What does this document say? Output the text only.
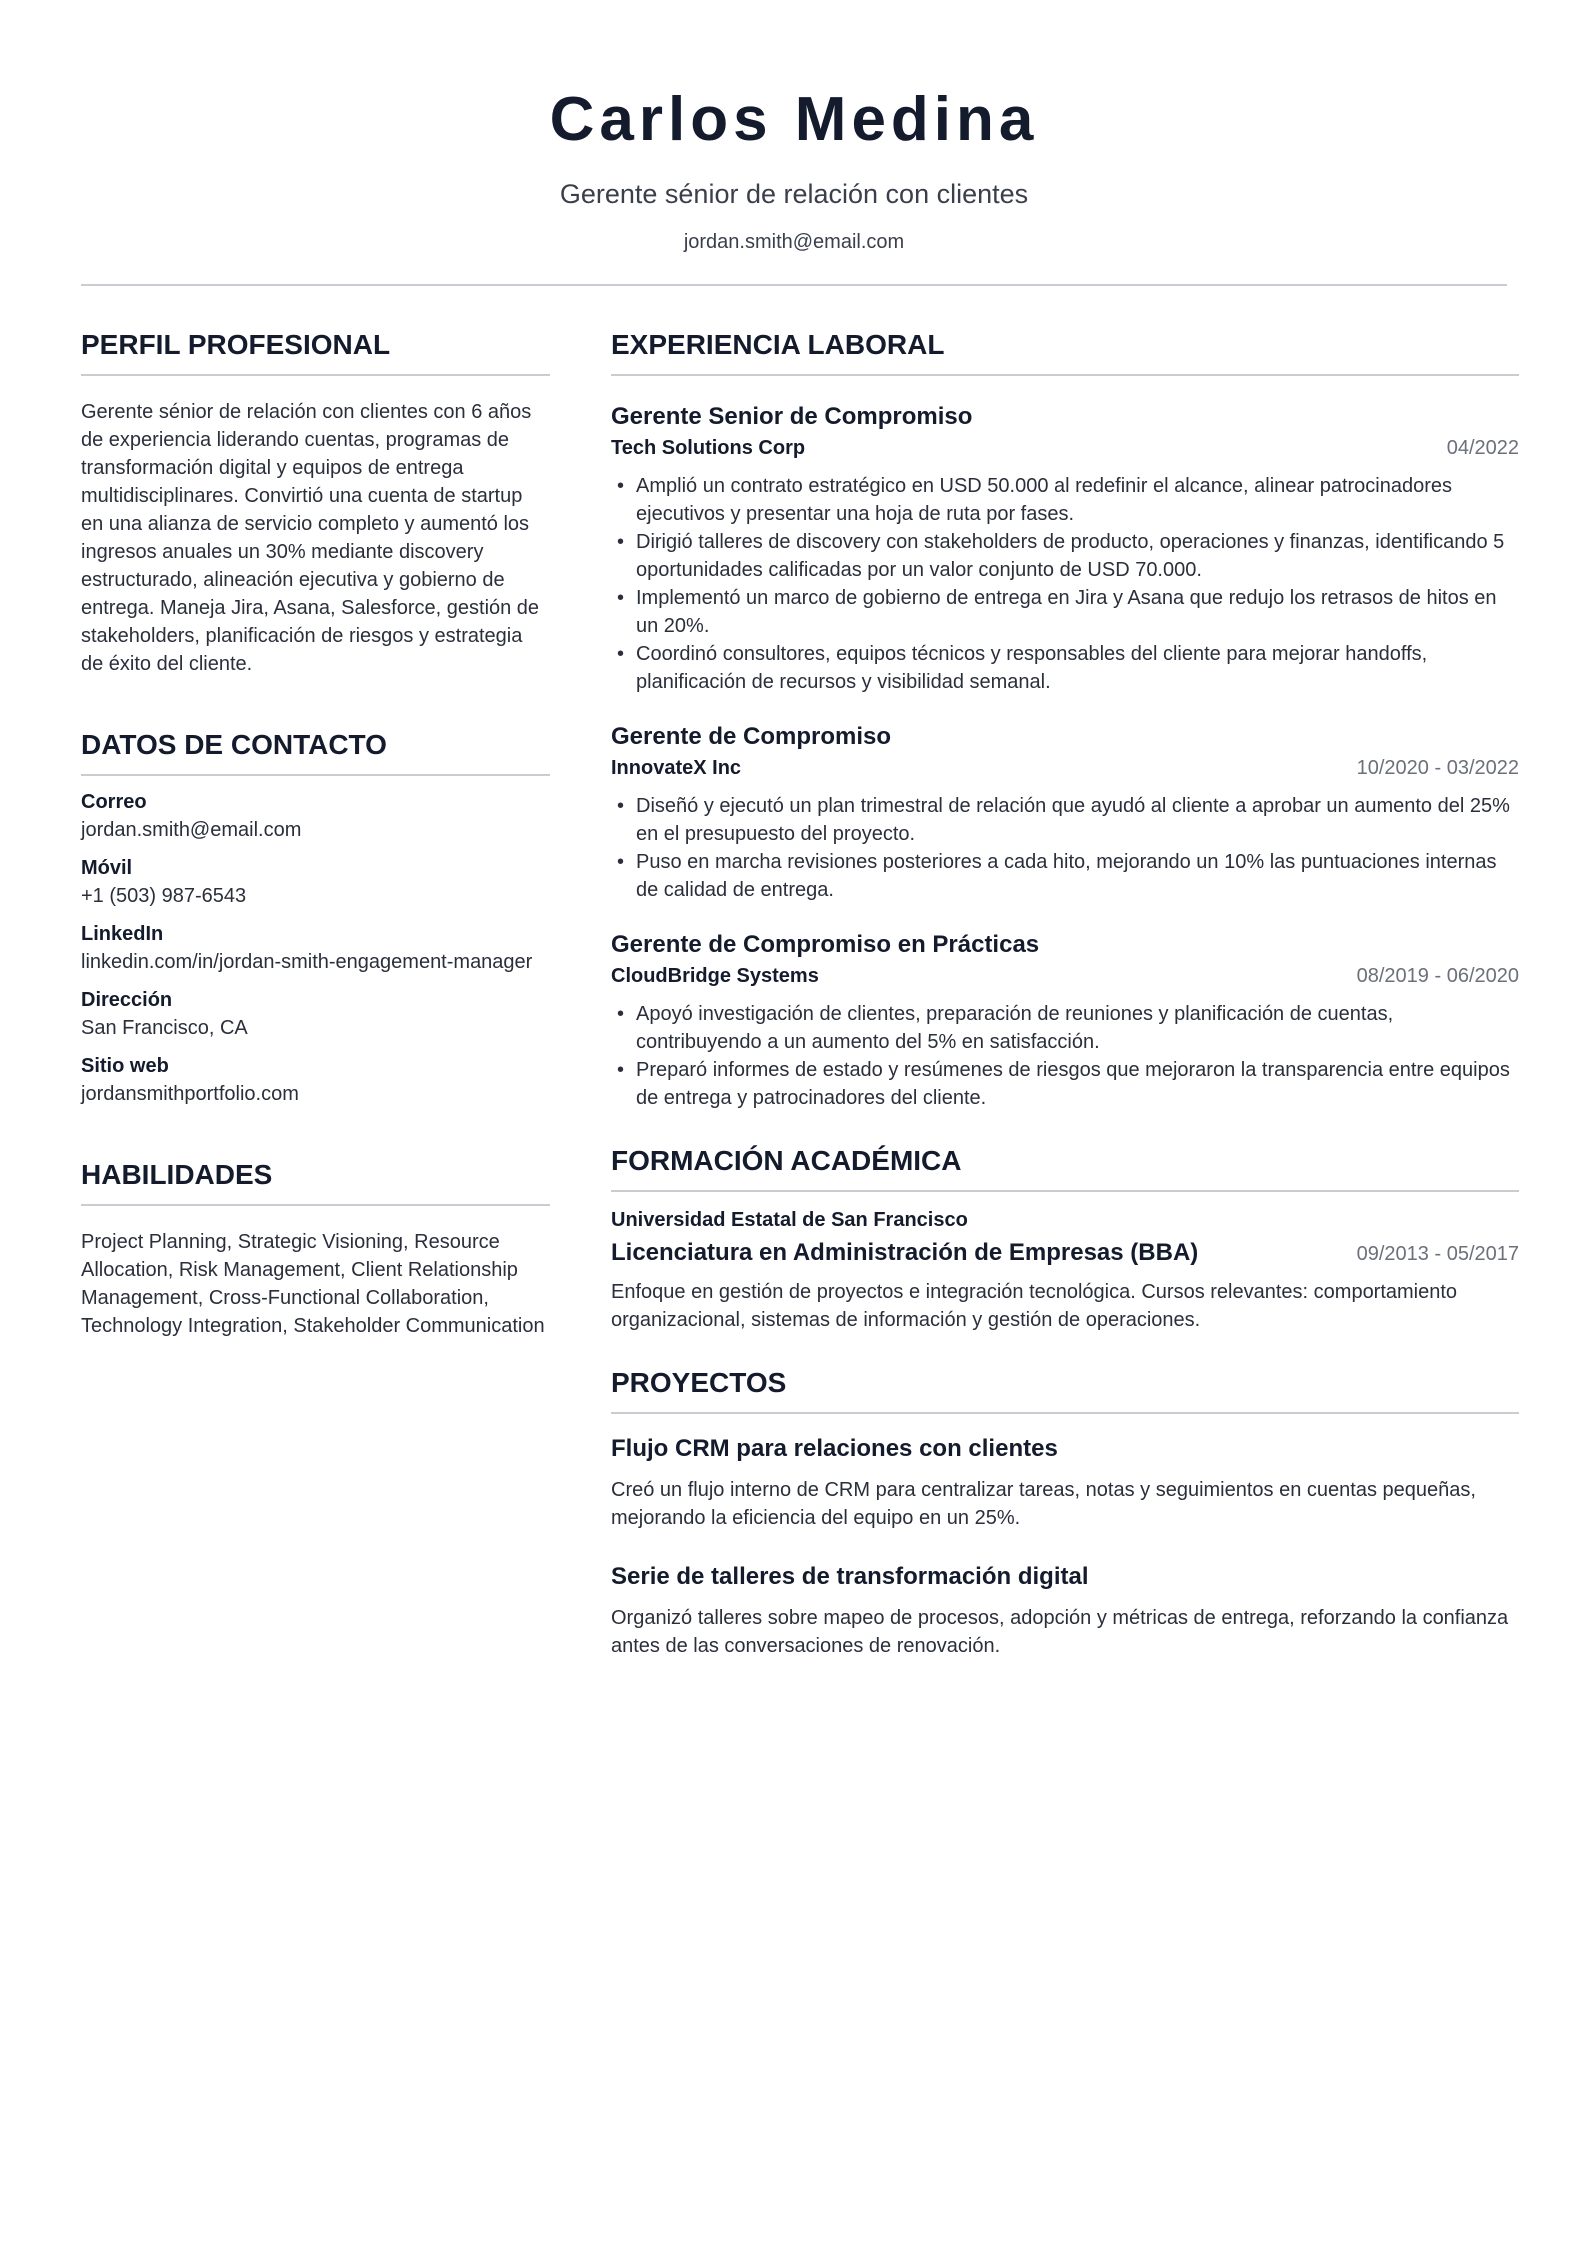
Carlos Medina
Gerente sénior de relación con clientes
jordan.smith@email.com
PERFIL PROFESIONAL
Gerente sénior de relación con clientes con 6 años de experiencia liderando cuentas, programas de transformación digital y equipos de entrega multidisciplinares. Convirtió una cuenta de startup en una alianza de servicio completo y aumentó los ingresos anuales un 30% mediante discovery estructurado, alineación ejecutiva y gobierno de entrega. Maneja Jira, Asana, Salesforce, gestión de stakeholders, planificación de riesgos y estrategia de éxito del cliente.
DATOS DE CONTACTO
Correo
jordan.smith@email.com
Móvil
+1 (503) 987-6543
LinkedIn
linkedin.com/in/jordan-smith-engagement-manager
Dirección
San Francisco, CA
Sitio web
jordansmithportfolio.com
HABILIDADES
Project Planning, Strategic Visioning, Resource Allocation, Risk Management, Client Relationship Management, Cross-Functional Collaboration, Technology Integration, Stakeholder Communication
EXPERIENCIA LABORAL
Gerente Senior de Compromiso
Tech Solutions Corp	04/2022
• Amplió un contrato estratégico en USD 50.000 al redefinir el alcance, alinear patrocinadores ejecutivos y presentar una hoja de ruta por fases.
• Dirigió talleres de discovery con stakeholders de producto, operaciones y finanzas, identificando 5 oportunidades calificadas por un valor conjunto de USD 70.000.
• Implementó un marco de gobierno de entrega en Jira y Asana que redujo los retrasos de hitos en un 20%.
• Coordinó consultores, equipos técnicos y responsables del cliente para mejorar handoffs, planificación de recursos y visibilidad semanal.
Gerente de Compromiso
InnovateX Inc	10/2020 - 03/2022
• Diseñó y ejecutó un plan trimestral de relación que ayudó al cliente a aprobar un aumento del 25% en el presupuesto del proyecto.
• Puso en marcha revisiones posteriores a cada hito, mejorando un 10% las puntuaciones internas de calidad de entrega.
Gerente de Compromiso en Prácticas
CloudBridge Systems	08/2019 - 06/2020
• Apoyó investigación de clientes, preparación de reuniones y planificación de cuentas, contribuyendo a un aumento del 5% en satisfacción.
• Preparó informes de estado y resúmenes de riesgos que mejoraron la transparencia entre equipos de entrega y patrocinadores del cliente.
FORMACIÓN ACADÉMICA
Universidad Estatal de San Francisco
Licenciatura en Administración de Empresas (BBA)	09/2013 - 05/2017
Enfoque en gestión de proyectos e integración tecnológica. Cursos relevantes: comportamiento organizacional, sistemas de información y gestión de operaciones.
PROYECTOS
Flujo CRM para relaciones con clientes
Creó un flujo interno de CRM para centralizar tareas, notas y seguimientos en cuentas pequeñas, mejorando la eficiencia del equipo en un 25%.
Serie de talleres de transformación digital
Organizó talleres sobre mapeo de procesos, adopción y métricas de entrega, reforzando la confianza antes de las conversaciones de renovación.
